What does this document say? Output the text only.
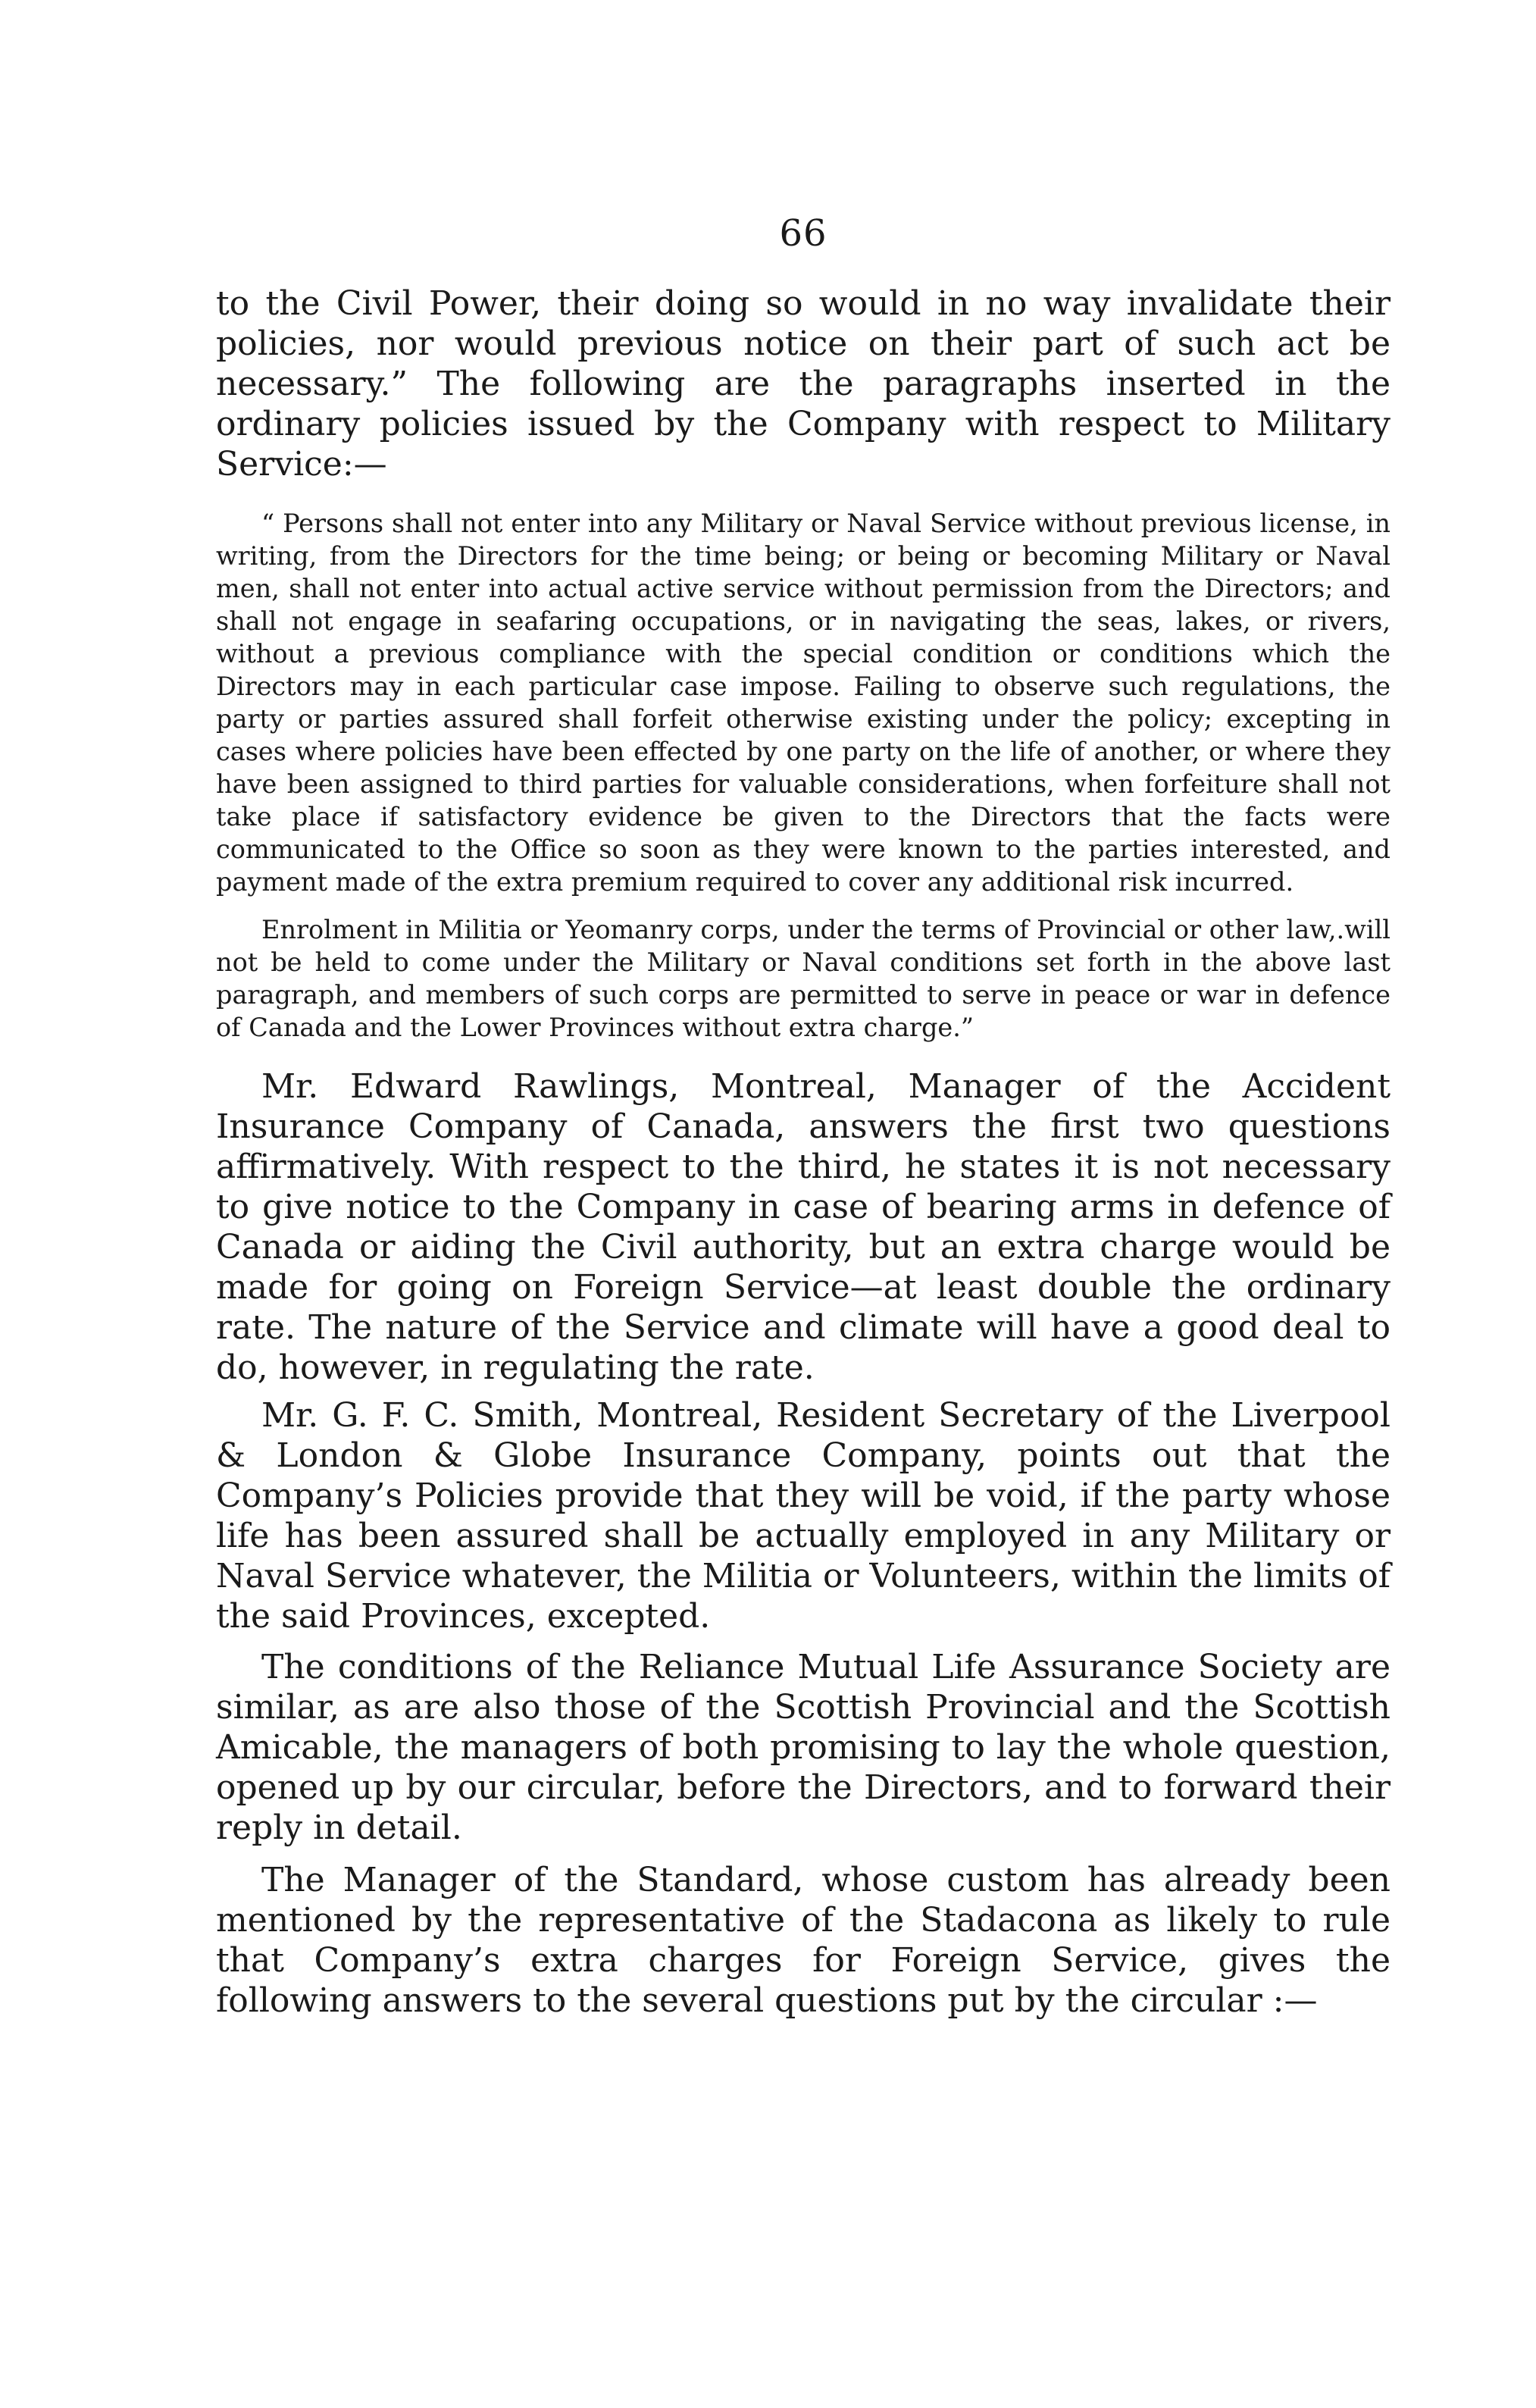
66

to the Civil Power, their doing so would in no way invalidate their policies, nor would previous notice on their part of such act be necessary.” The following are the paragraphs inserted in the ordinary policies issued by the Company with respect to Military Service:—

“ Persons shall not enter into any Military or Naval Service without previous license, in writing, from the Directors for the time being; or being or becoming Military or Naval men, shall not enter into actual active service without permission from the Directors; and shall not engage in seafaring occupations, or in navigating the seas, lakes, or rivers, without a previous compliance with the special condition or conditions which the Directors may in each particular case impose. Failing to observe such regulations, the party or parties assured shall forfeit otherwise existing under the policy; excepting in cases where policies have been effected by one party on the life of another, or where they have been assigned to third parties for valuable considerations, when forfeiture shall not take place if satisfactory evidence be given to the Directors that the facts were communicated to the Office so soon as they were known to the parties interested, and payment made of the extra premium required to cover any additional risk incurred.

Enrolment in Militia or Yeomanry corps, under the terms of Provincial or other law,.will not be held to come under the Military or Naval conditions set forth in the above last paragraph, and members of such corps are permitted to serve in peace or war in defence of Canada and the Lower Provinces without extra charge.”

Mr. Edward Rawlings, Montreal, Manager of the Accident Insurance Company of Canada, answers the first two questions affirmatively. With respect to the third, he states it is not necessary to give notice to the Company in case of bearing arms in defence of Canada or aiding the Civil authority, but an extra charge would be made for going on Foreign Service—at least double the ordinary rate. The nature of the Service and climate will have a good deal to do, however, in regulating the rate.

Mr. G. F. C. Smith, Montreal, Resident Secretary of the Liverpool & London & Globe Insurance Company, points out that the Company’s Policies provide that they will be void, if the party whose life has been assured shall be actually employed in any Military or Naval Service whatever, the Militia or Volunteers, within the limits of the said Provinces, excepted.

The conditions of the Reliance Mutual Life Assurance Society are similar, as are also those of the Scottish Provincial and the Scottish Amicable, the managers of both promising to lay the whole question, opened up by our circular, before the Directors, and to forward their reply in detail.

The Manager of the Standard, whose custom has already been mentioned by the representative of the Stadacona as likely to rule that Company’s extra charges for Foreign Service, gives the following answers to the several questions put by the circular :—
